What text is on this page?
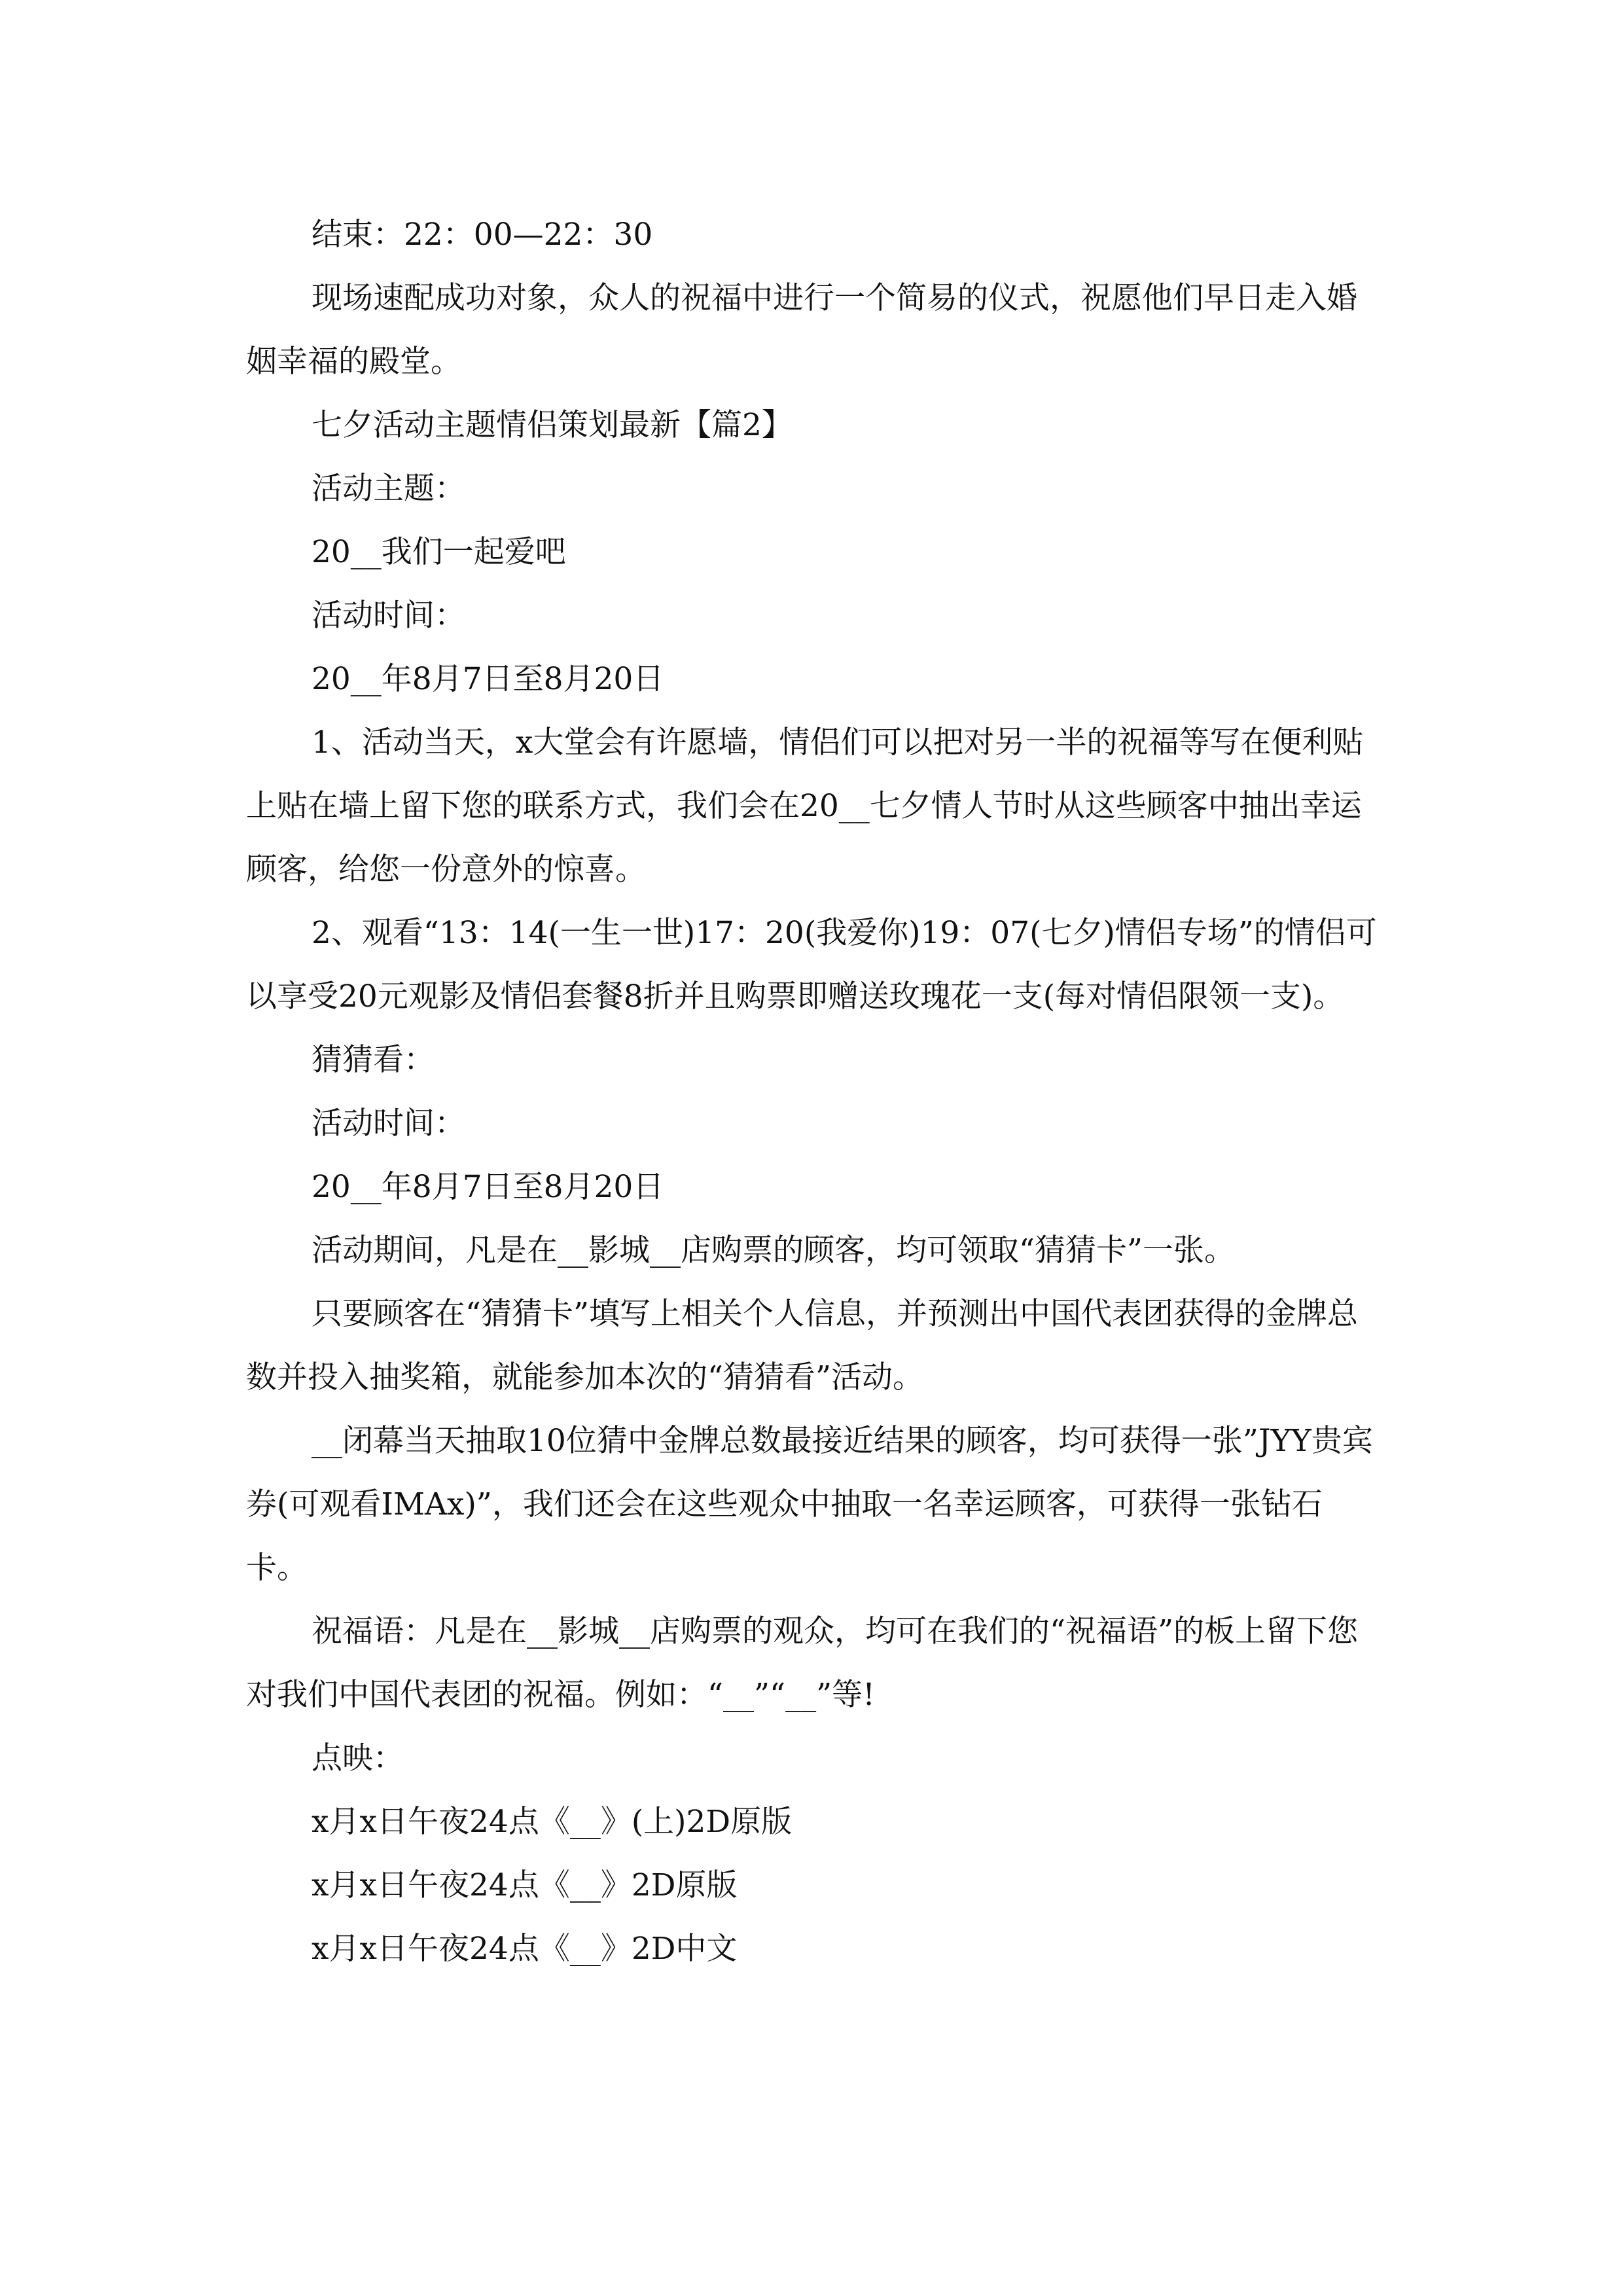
结束：22：00—22：30

现场速配成功对象，众人的祝福中进行一个简易的仪式，祝愿他们早日走入婚姻幸福的殿堂。

七夕活动主题情侣策划最新【篇2】

活动主题：

20__我们一起爱吧

活动时间：

20__年8月7日至8月20日

1、活动当天，x大堂会有许愿墙，情侣们可以把对另一半的祝福等写在便利贴上贴在墙上留下您的联系方式，我们会在20__七夕情人节时从这些顾客中抽出幸运顾客，给您一份意外的惊喜。

2、观看“13：14(一生一世)17：20(我爱你)19：07(七夕)情侣专场”的情侣可以享受20元观影及情侣套餐8折并且购票即赠送玫瑰花一支(每对情侣限领一支)。

猜猜看：

活动时间：

20__年8月7日至8月20日

活动期间，凡是在__影城__店购票的顾客，均可领取“猜猜卡”一张。

只要顾客在“猜猜卡”填写上相关个人信息，并预测出中国代表团获得的金牌总数并投入抽奖箱，就能参加本次的“猜猜看”活动。

__闭幕当天抽取10位猜中金牌总数最接近结果的顾客，均可获得一张”JYY贵宾券(可观看IMAx)”，我们还会在这些观众中抽取一名幸运顾客，可获得一张钻石卡。

祝福语：凡是在__影城__店购票的观众，均可在我们的“祝福语”的板上留下您对我们中国代表团的祝福。例如：“__”“__”等!

点映：

x月x日午夜24点《__》(上)2D原版

x月x日午夜24点《__》2D原版

x月x日午夜24点《__》2D中文
